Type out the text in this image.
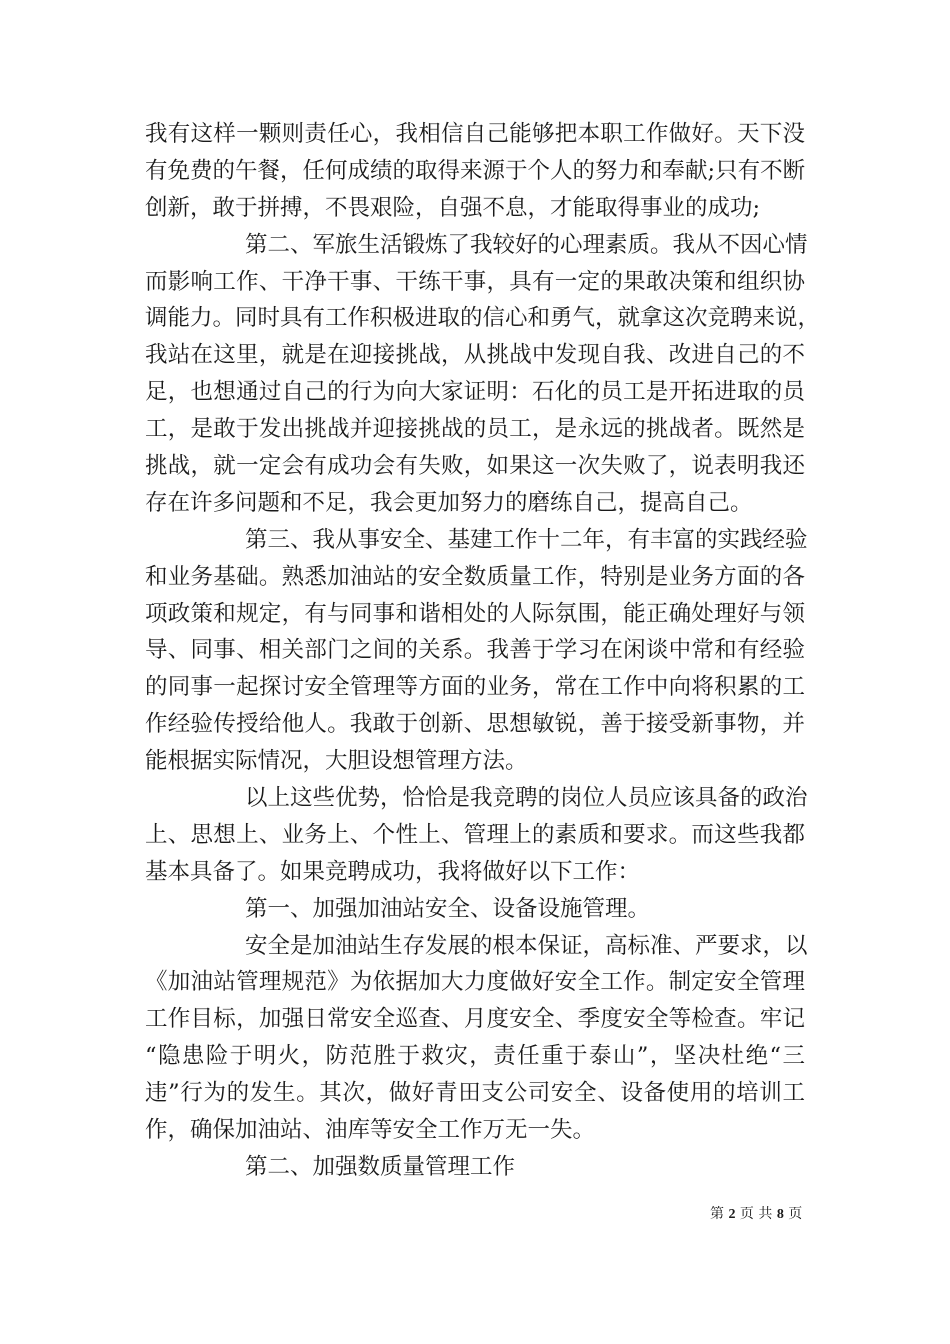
我有这样一颗则责任心，我相信自己能够把本职工作做好。天下没
有免费的午餐，任何成绩的取得来源于个人的努力和奉献;只有不断
创新，敢于拼搏，不畏艰险，自强不息，才能取得事业的成功;
第二、军旅生活锻炼了我较好的心理素质。我从不因心情
而影响工作、干净干事、干练干事，具有一定的果敢决策和组织协
调能力。同时具有工作积极进取的信心和勇气，就拿这次竞聘来说，
我站在这里，就是在迎接挑战，从挑战中发现自我、改进自己的不
足，也想通过自己的行为向大家证明：石化的员工是开拓进取的员
工，是敢于发出挑战并迎接挑战的员工，是永远的挑战者。既然是
挑战，就一定会有成功会有失败，如果这一次失败了，说表明我还
存在许多问题和不足，我会更加努力的磨练自己，提高自己。
第三、我从事安全、基建工作十二年，有丰富的实践经验
和业务基础。熟悉加油站的安全数质量工作，特别是业务方面的各
项政策和规定，有与同事和谐相处的人际氛围，能正确处理好与领
导、同事、相关部门之间的关系。我善于学习在闲谈中常和有经验
的同事一起探讨安全管理等方面的业务，常在工作中向将积累的工
作经验传授给他人。我敢于创新、思想敏锐，善于接受新事物，并
能根据实际情况，大胆设想管理方法。
以上这些优势，恰恰是我竞聘的岗位人员应该具备的政治
上、思想上、业务上、个性上、管理上的素质和要求。而这些我都
基本具备了。如果竞聘成功，我将做好以下工作：
第一、加强加油站安全、设备设施管理。
安全是加油站生存发展的根本保证，高标准、严要求，以
《加油站管理规范》为依据加大力度做好安全工作。制定安全管理
工作目标，加强日常安全巡查、月度安全、季度安全等检查。牢记
“隐患险于明火，防范胜于救灾，责任重于泰山”，坚决杜绝“三
违”行为的发生。其次，做好青田支公司安全、设备使用的培训工
作，确保加油站、油库等安全工作万无一失。
第二、加强数质量管理工作
第 2 页 共 8 页
